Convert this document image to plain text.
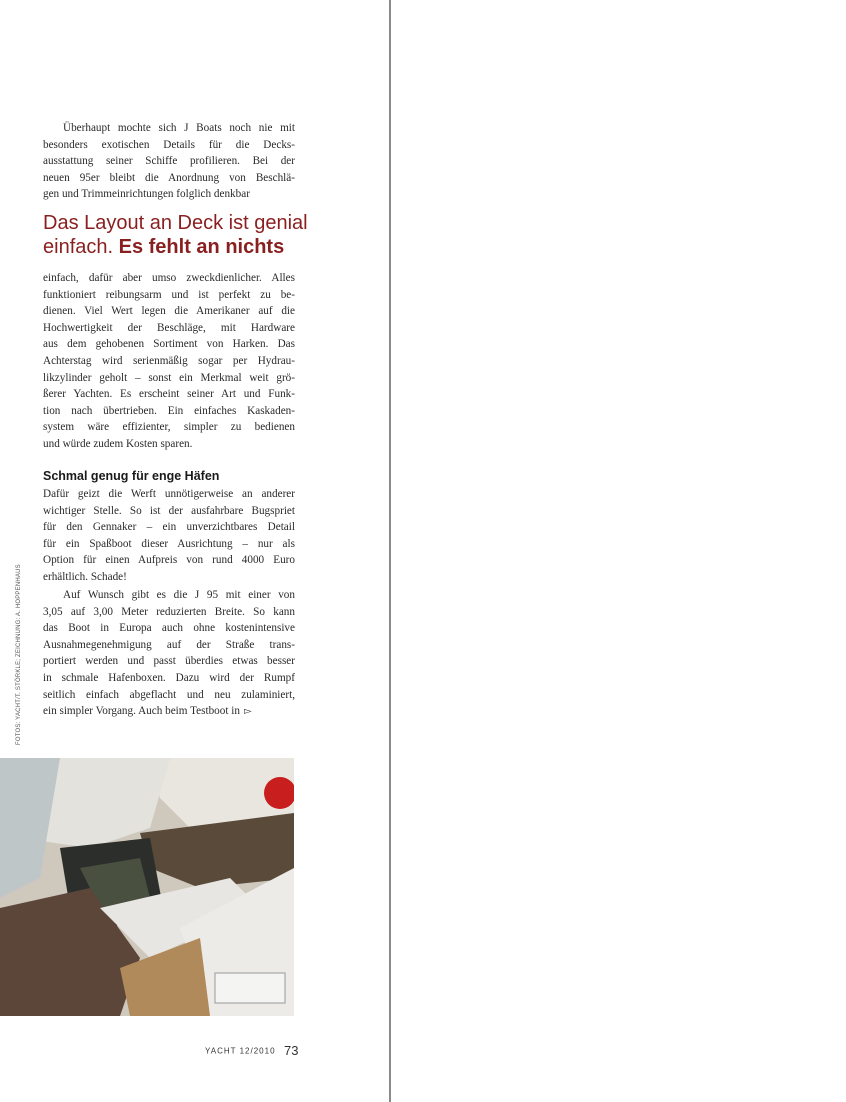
FOTOS: YACHT/T. STÖRKLE; ZEICHNUNG: A. HOPPENHAUS

Überhaupt mochte sich J Boats noch nie mit
besonders exotischen Details für die Decks-
ausstattung seiner Schiffe profilieren. Bei der
neuen 95er bleibt die Anordnung von Beschlä-
gen und Trimmeinrichtungen folglich denkbar

Das Layout an Deck ist genial
einfach. Es fehlt an nichts

einfach, dafür aber umso zweckdienlicher. Alles
funktioniert reibungsarm und ist perfekt zu be-
dienen. Viel Wert legen die Amerikaner auf die
Hochwertigkeit der Beschläge, mit Hardware
aus dem gehobenen Sortiment von Harken. Das
Achterstag wird serienmäßig sogar per Hydrau-
likzylinder geholt – sonst ein Merkmal weit grö-
ßerer Yachten. Es erscheint seiner Art und Funk-
tion nach übertrieben. Ein einfaches Kaskaden-
system wäre effizienter, simpler zu bedienen
und würde zudem Kosten sparen.

Schmal genug für enge Häfen

Dafür geizt die Werft unnötigerweise an anderer
wichtiger Stelle. So ist der ausfahrbare Bugspriet
für den Gennaker – ein unverzichtbares Detail
für ein Spaßboot dieser Ausrichtung – nur als
Option für einen Aufpreis von rund 4000 Euro
erhältlich. Schade!

Auf Wunsch gibt es die J 95 mit einer von
3,05 auf 3,00 Meter reduzierten Breite. So kann
das Boot in Europa auch ohne kostenintensive
Ausnahmegenehmigung auf der Straße trans-
portiert werden und passt überdies etwas besser
in schmale Hafenboxen. Dazu wird der Rumpf
seitlich einfach abgeflacht und neu zulaminiert,
ein simpler Vorgang. Auch beim Testboot in ▻

YACHT 12/2010 73
